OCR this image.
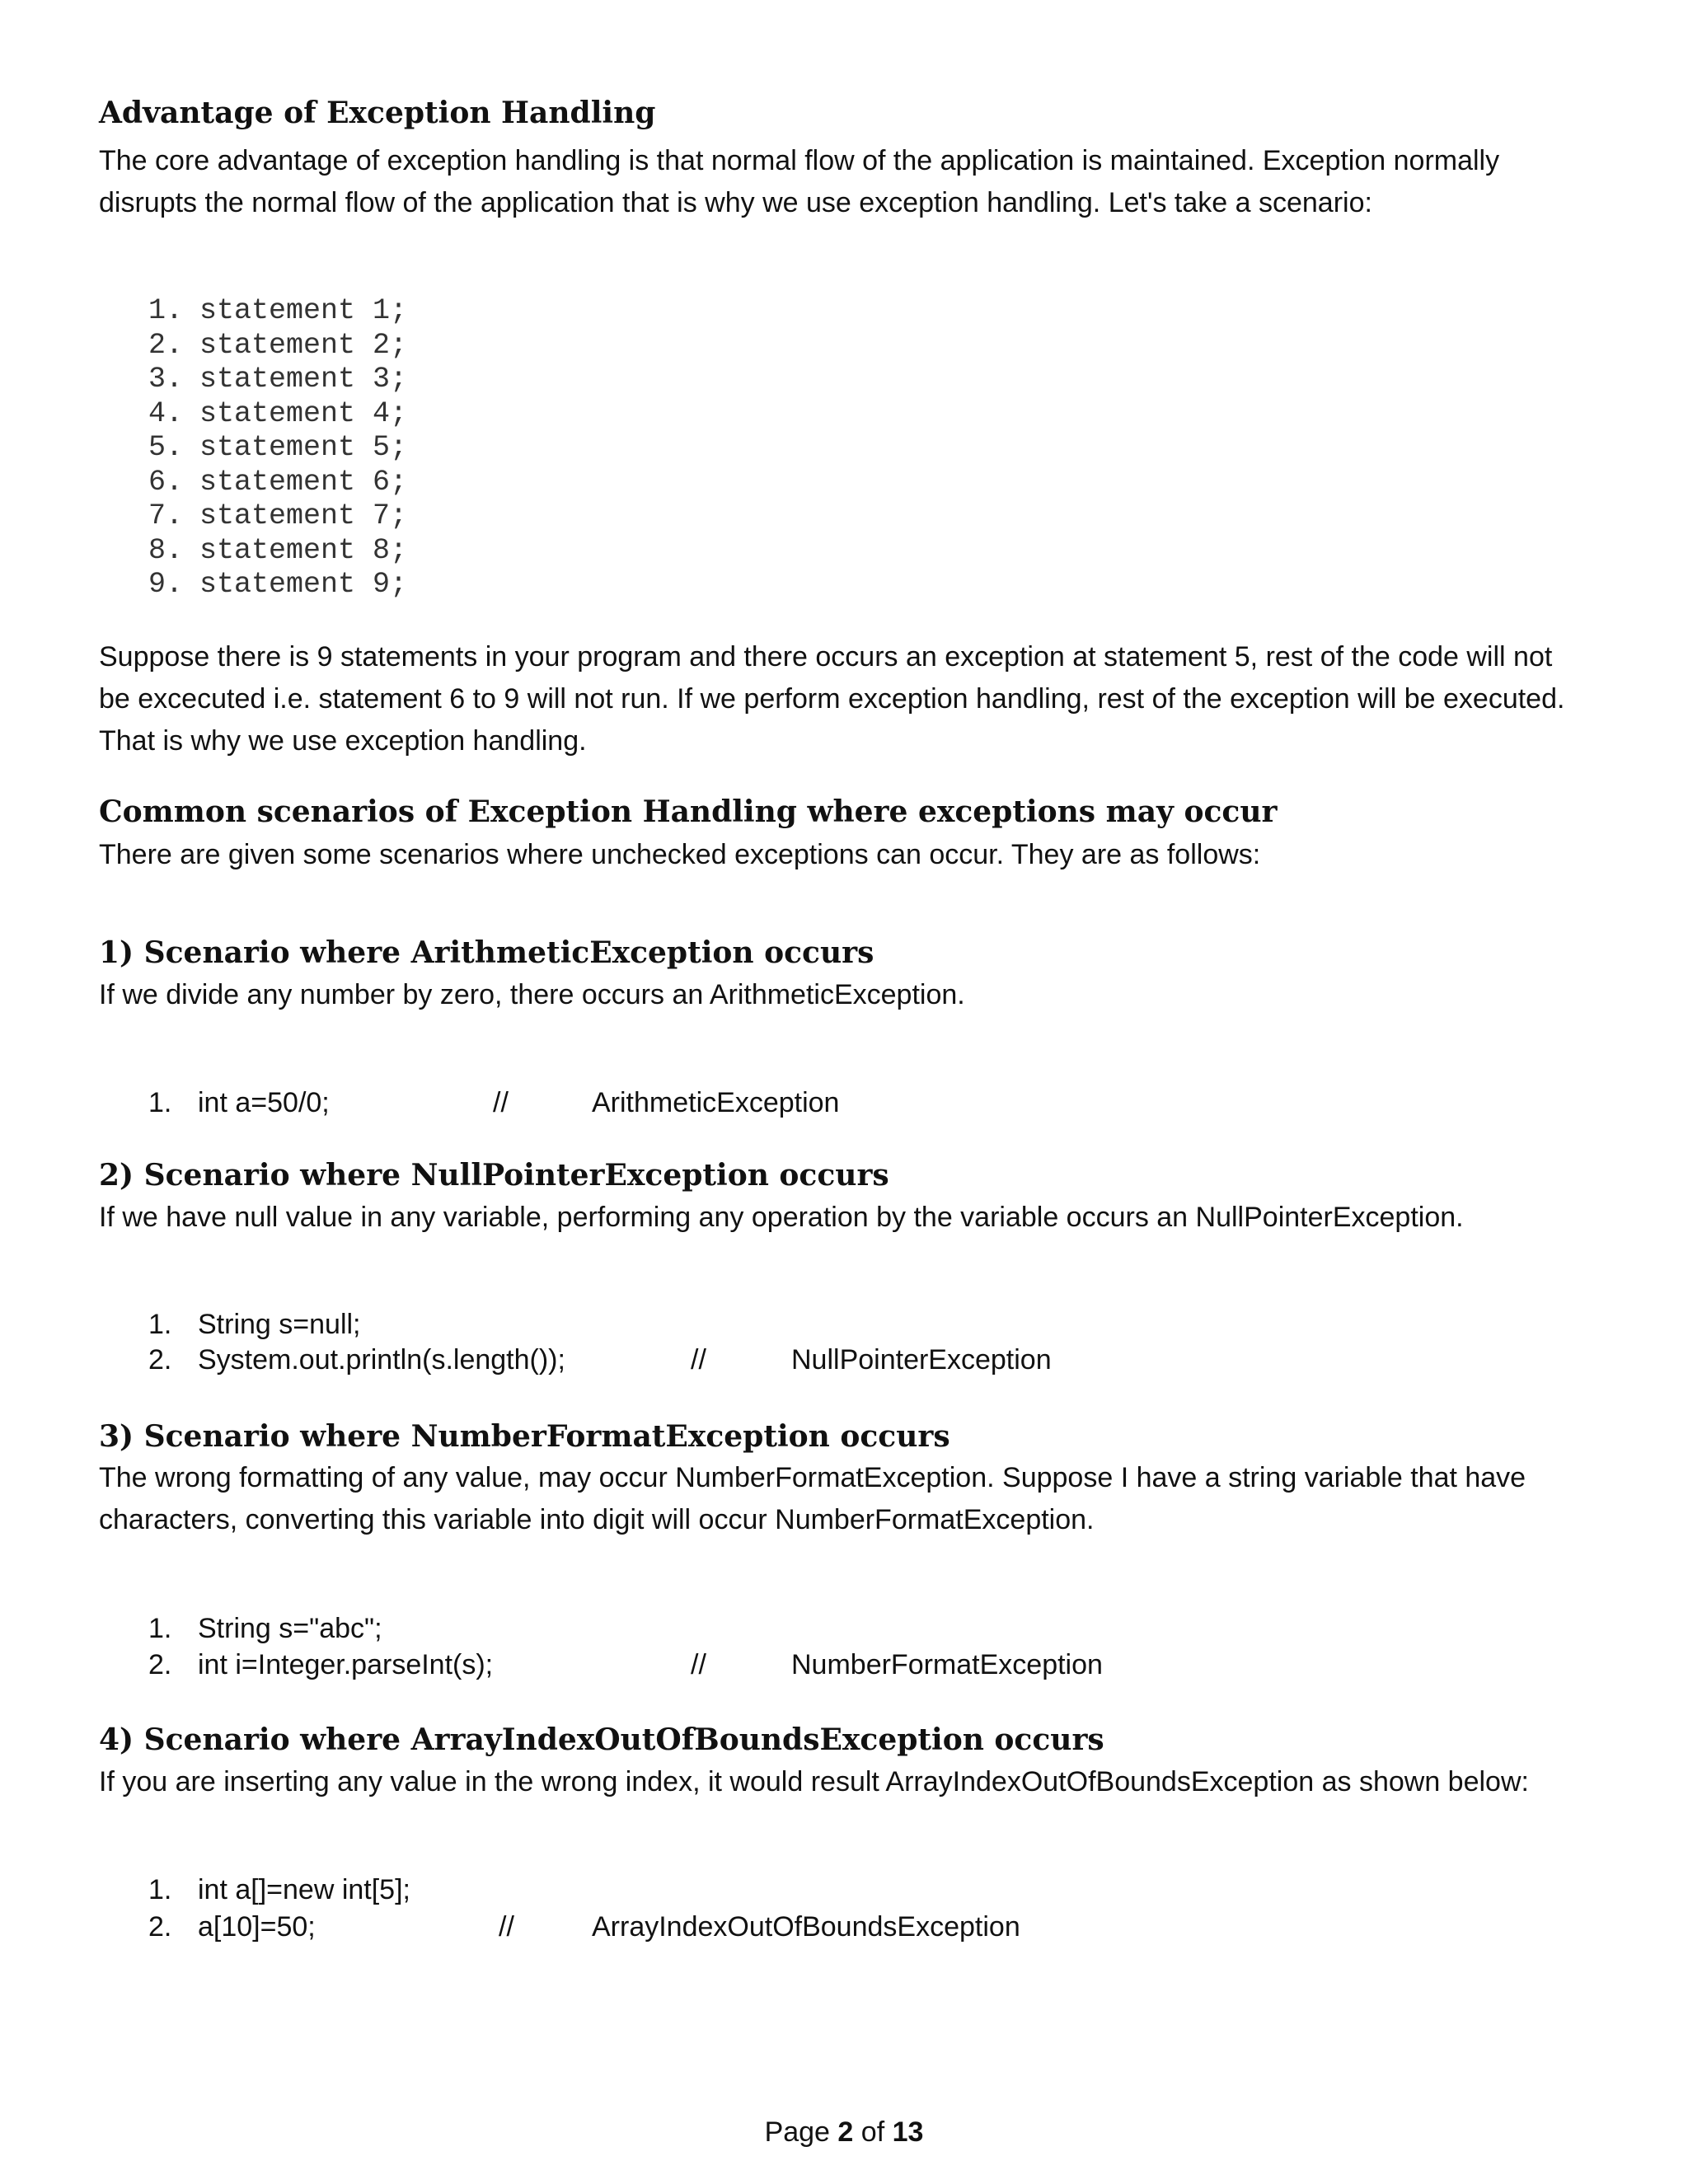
Advantage of Exception Handling
The core advantage of exception handling is that normal flow of the application is maintained. Exception normally
disrupts the normal flow of the application that is why we use exception handling. Let's take a scenario:
1. statement 1;
2. statement 2;
3. statement 3;
4. statement 4;
5. statement 5;
6. statement 6;
7. statement 7;
8. statement 8;
9. statement 9;
Suppose there is 9 statements in your program and there occurs an exception at statement 5, rest of the code will not
be excecuted i.e. statement 6 to 9 will not run. If we perform exception handling, rest of the exception will be executed.
That is why we use exception handling.
Common scenarios of Exception Handling where exceptions may occur
There are given some scenarios where unchecked exceptions can occur. They are as follows:
1) Scenario where ArithmeticException occurs
If we divide any number by zero, there occurs an ArithmeticException.
1. int a=50/0;	//	ArithmeticException
2) Scenario where NullPointerException occurs
If we have null value in any variable, performing any operation by the variable occurs an NullPointerException.
1. String s=null;
2. System.out.println(s.length());	//	NullPointerException
3) Scenario where NumberFormatException occurs
The wrong formatting of any value, may occur NumberFormatException. Suppose I have a string variable that have
characters, converting this variable into digit will occur NumberFormatException.
1. String s="abc";
2. int i=Integer.parseInt(s);	//	NumberFormatException
4) Scenario where ArrayIndexOutOfBoundsException occurs
If you are inserting any value in the wrong index, it would result ArrayIndexOutOfBoundsException as shown below:
1. int a[]=new int[5];
2. a[10]=50;	//	ArrayIndexOutOfBoundsException
Page 2 of 13
